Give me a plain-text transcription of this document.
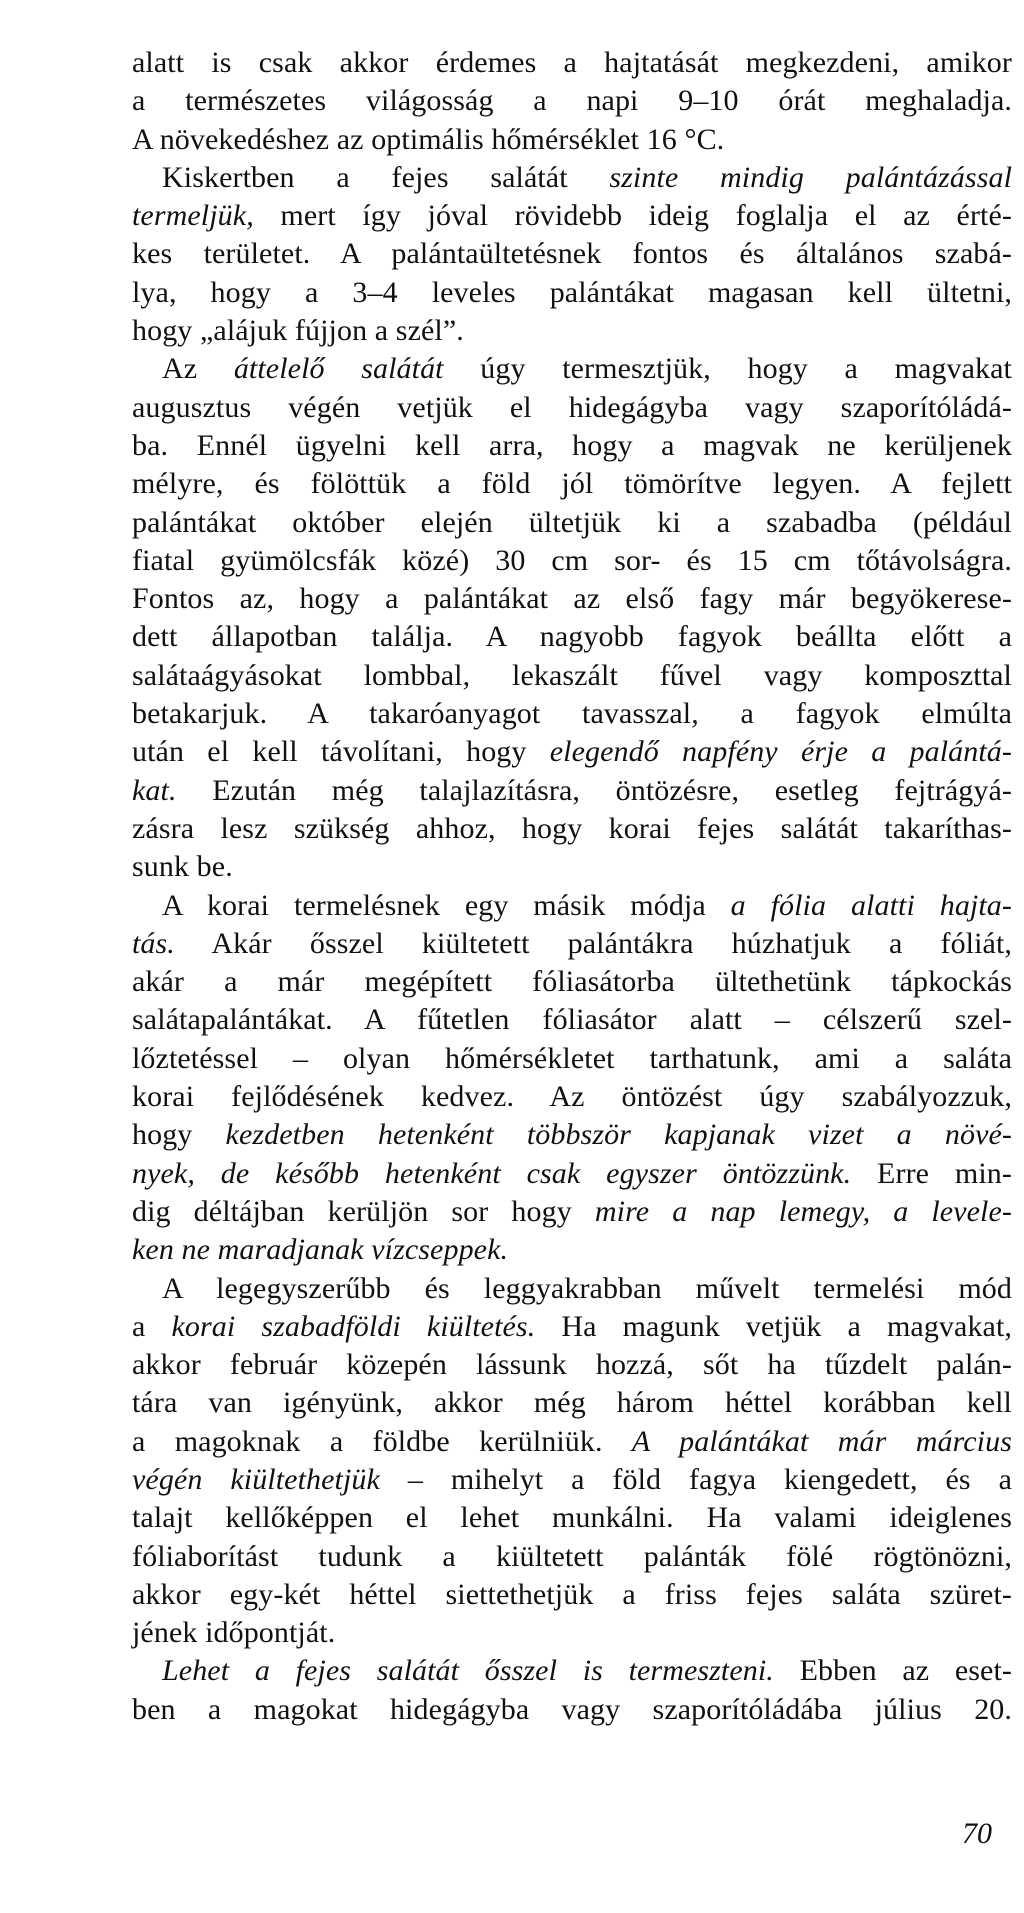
alatt is csak akkor érdemes a hajtatását megkezdeni, amikor
a természetes világosság a napi 9–10 órát meghaladja.
A növekedéshez az optimális hőmérséklet 16 °C.
Kiskertben a fejes salátát szinte mindig palántázással
termeljük, mert így jóval rövidebb ideig foglalja el az érté-
kes területet. A palántaültetésnek fontos és általános szabá-
lya, hogy a 3–4 leveles palántákat magasan kell ültetni,
hogy „alájuk fújjon a szél”.
Az áttelelő salátát úgy termesztjük, hogy a magvakat
augusztus végén vetjük el hidegágyba vagy szaporítóládá-
ba. Ennél ügyelni kell arra, hogy a magvak ne kerüljenek
mélyre, és fölöttük a föld jól tömörítve legyen. A fejlett
palántákat október elején ültetjük ki a szabadba (például
fiatal gyümölcsfák közé) 30 cm sor- és 15 cm tőtávolságra.
Fontos az, hogy a palántákat az első fagy már begyökerese-
dett állapotban találja. A nagyobb fagyok beállta előtt a
salátaágyásokat lombbal, lekaszált fűvel vagy komposzttal
betakarjuk. A takaróanyagot tavasszal, a fagyok elmúlta
után el kell távolítani, hogy elegendő napfény érje a palántá-
kat. Ezután még talajlazításra, öntözésre, esetleg fejtrágyá-
zásra lesz szükség ahhoz, hogy korai fejes salátát takaríthas-
sunk be.
A korai termelésnek egy másik módja a fólia alatti hajta-
tás. Akár ősszel kiültetett palántákra húzhatjuk a fóliát,
akár a már megépített fóliasátorba ültethetünk tápkockás
salátapalántákat. A fűtetlen fóliasátor alatt – célszerű szel-
lőztetéssel – olyan hőmérsékletet tarthatunk, ami a saláta
korai fejlődésének kedvez. Az öntözést úgy szabályozzuk,
hogy kezdetben hetenként többször kapjanak vizet a növé-
nyek, de később hetenként csak egyszer öntözzünk. Erre min-
dig déltájban kerüljön sor hogy mire a nap lemegy, a levele-
ken ne maradjanak vízcseppek.
A legegyszerűbb és leggyakrabban művelt termelési mód
a korai szabadföldi kiültetés. Ha magunk vetjük a magvakat,
akkor február közepén lássunk hozzá, sőt ha tűzdelt palán-
tára van igényünk, akkor még három héttel korábban kell
a magoknak a földbe kerülniük. A palántákat már március
végén kiültethetjük – mihelyt a föld fagya kiengedett, és a
talajt kellőképpen el lehet munkálni. Ha valami ideiglenes
fóliaborítást tudunk a kiültetett palánták fölé rögtönözni,
akkor egy-két héttel siettethetjük a friss fejes saláta szüret-
jének időpontját.
Lehet a fejes salátát ősszel is termeszteni. Ebben az eset-
ben a magokat hidegágyba vagy szaporítóládába július 20.
70
